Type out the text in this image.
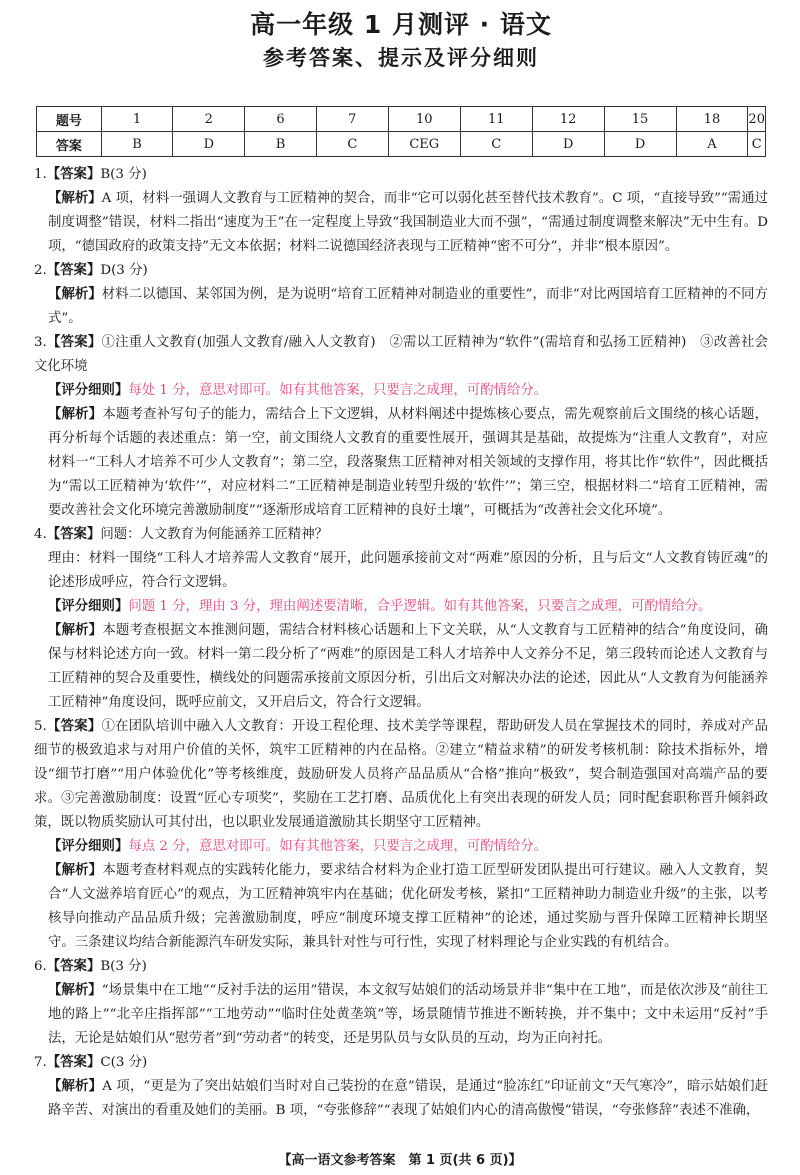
高一年级 1 月测评 · 语文
参考答案、提示及评分细则
题号	1	2	6	7	10	11	12	15	18	20
答案	B	D	B	C	CEG	C	D	D	A	C

1.【答案】B(3 分)

【解析】A 项，材料一强调人文教育与工匠精神的契合，而非“它可以弱化甚至替代技术教育”。C 项，“直接导致”“需通过制度调整”错误，材料二指出“速度为王”在一定程度上导致“我国制造业大而不强”，“需通过制度调整来解决”无中生有。D 项，“德国政府的政策支持”无文本依据；材料二说德国经济表现与工匠精神“密不可分”，并非“根本原因”。

2.【答案】D(3 分)

【解析】材料二以德国、某邻国为例，是为说明“培育工匠精神对制造业的重要性”，而非“对比两国培育工匠精神的不同方式”。

3.【答案】①注重人文教育(加强人文教育/融入人文教育)　②需以工匠精神为“软件”(需培育和弘扬工匠精神)　③改善社会文化环境

【评分细则】每处 1 分，意思对即可。如有其他答案，只要言之成理，可酌情给分。

【解析】本题考查补写句子的能力，需结合上下文逻辑，从材料阐述中提炼核心要点，需先观察前后文围绕的核心话题，再分析每个话题的表述重点：第一空，前文围绕人文教育的重要性展开，强调其是基础，故提炼为“注重人文教育”，对应材料一“工科人才培养不可少人文教育”；第二空，段落聚焦工匠精神对相关领域的支撑作用，将其比作“软件”，因此概括为“需以工匠精神为‘软件’”，对应材料二“工匠精神是制造业转型升级的‘软件’”；第三空，根据材料二“培育工匠精神，需要改善社会文化环境完善激励制度”“逐渐形成培育工匠精神的良好土壤”，可概括为“改善社会文化环境”。

4.【答案】问题：人文教育为何能涵养工匠精神？

理由：材料一围绕“工科人才培养需人文教育”展开，此问题承接前文对“两难”原因的分析，且与后文“人文教育铸匠魂”的论述形成呼应，符合行文逻辑。

【评分细则】问题 1 分，理由 3 分，理由阐述要清晰，合乎逻辑。如有其他答案，只要言之成理，可酌情给分。

【解析】本题考查根据文本推测问题，需结合材料核心话题和上下文关联，从“人文教育与工匠精神的结合”角度设问，确保与材料论述方向一致。材料一第二段分析了“两难”的原因是工科人才培养中人文养分不足，第三段转而论述人文教育与工匠精神的契合及重要性，横线处的问题需承接前文原因分析，引出后文对解决办法的论述，因此从“人文教育为何能涵养工匠精神”角度设问，既呼应前文，又开启后文，符合行文逻辑。

5.【答案】①在团队培训中融入人文教育：开设工程伦理、技术美学等课程，帮助研发人员在掌握技术的同时，养成对产品细节的极致追求与对用户价值的关怀，筑牢工匠精神的内在品格。②建立“精益求精”的研发考核机制：除技术指标外，增设“细节打磨”“用户体验优化”等考核维度，鼓励研发人员将产品品质从“合格”推向“极致”，契合制造强国对高端产品的要求。③完善激励制度：设置“匠心专项奖”，奖励在工艺打磨、品质优化上有突出表现的研发人员；同时配套职称晋升倾斜政策，既以物质奖励认可其付出，也以职业发展通道激励其长期坚守工匠精神。

【评分细则】每点 2 分，意思对即可。如有其他答案，只要言之成理，可酌情给分。

【解析】本题考查材料观点的实践转化能力，要求结合材料为企业打造工匠型研发团队提出可行建议。融入人文教育，契合“人文滋养培育匠心”的观点，为工匠精神筑牢内在基础；优化研发考核，紧扣“工匠精神助力制造业升级”的主张，以考核导向推动产品品质升级；完善激励制度，呼应“制度环境支撑工匠精神”的论述，通过奖励与晋升保障工匠精神长期坚守。三条建议均结合新能源汽车研发实际，兼具针对性与可行性，实现了材料理论与企业实践的有机结合。

6.【答案】B(3 分)

【解析】“场景集中在工地”“反衬手法的运用”错误，本文叙写姑娘们的活动场景并非“集中在工地”，而是依次涉及“前往工地的路上”“北辛庄指挥部”“工地劳动”“临时住处黄垄筑”等，场景随情节推进不断转换，并不集中；文中未运用“反衬”手法，无论是姑娘们从“慰劳者”到“劳动者”的转变，还是男队员与女队员的互动，均为正向衬托。

7.【答案】C(3 分)

【解析】A 项，“更是为了突出姑娘们当时对自己装扮的在意”错误，是通过“脸冻红”印证前文“天气寒冷”，暗示姑娘们赶路辛苦、对演出的看重及她们的美丽。B 项，“夸张修辞”“表现了姑娘们内心的清高傲慢”错误，“夸张修辞”表述不准确，

【高一语文参考答案　第 1 页(共 6 页)】
